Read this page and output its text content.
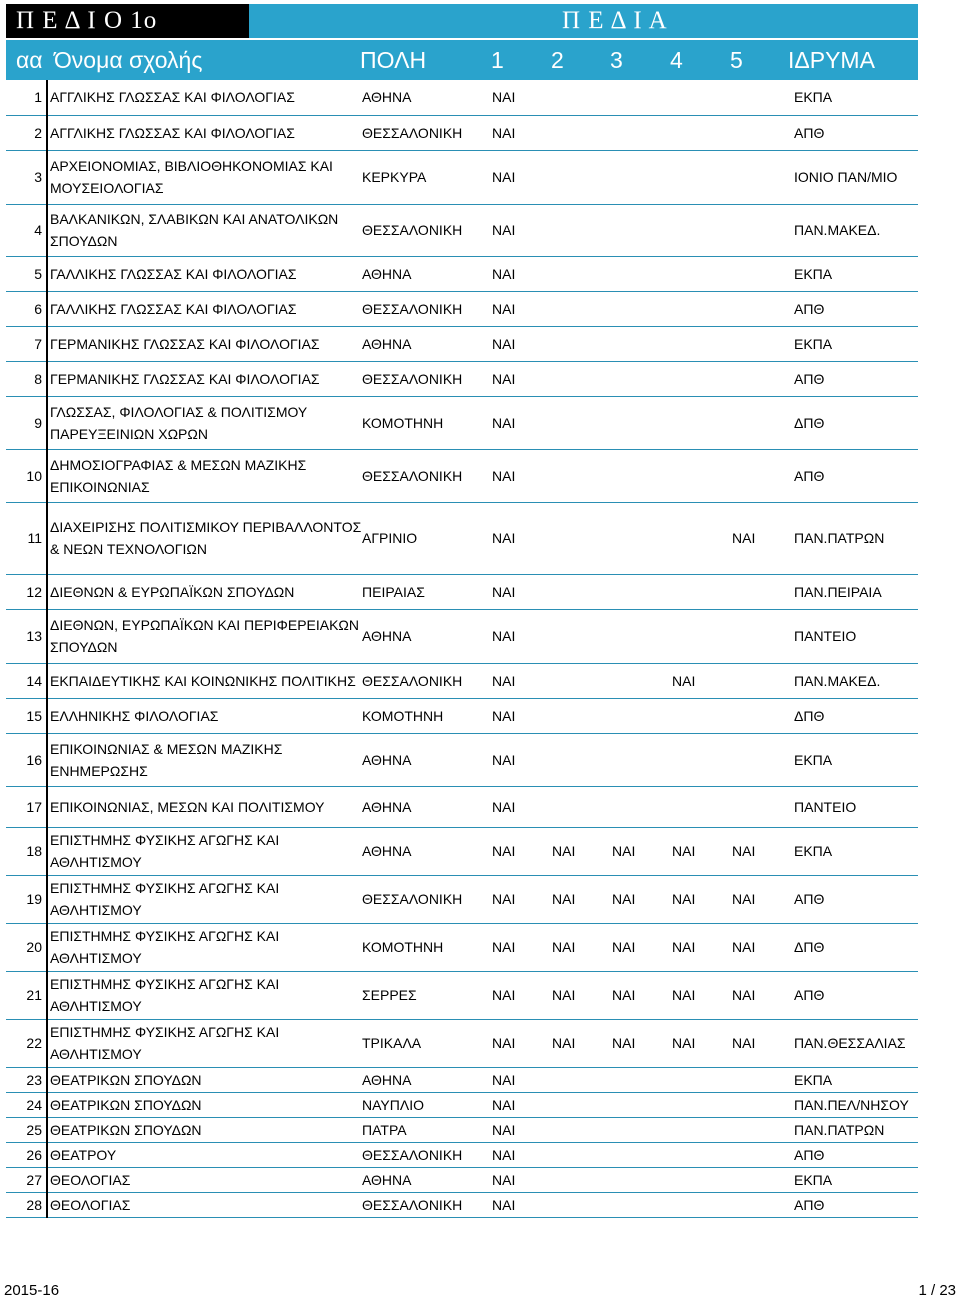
Π Ε Δ Ι Ο 1ο	Π Ε Δ Ι Α
αα Όνομα σχολής	ΠΟΛΗ	1 2 3 4 5 ΙΔΡΥΜΑ
1	ΑΓΓΛΙΚΗΣ ΓΛΩΣΣΑΣ ΚΑΙ ΦΙΛΟΛΟΓΙΑΣ	ΑΘΗΝΑ	ΝΑΙ					ΕΚΠΑ
2	ΑΓΓΛΙΚΗΣ ΓΛΩΣΣΑΣ ΚΑΙ ΦΙΛΟΛΟΓΙΑΣ	ΘΕΣΣΑΛΟΝΙΚΗ	ΝΑΙ					ΑΠΘ
3	ΑΡΧΕΙΟΝΟΜΙΑΣ, ΒΙΒΛΙΟΘΗΚΟΝΟΜΙΑΣ ΚΑΙ ΜΟΥΣΕΙΟΛΟΓΙΑΣ	ΚΕΡΚΥΡΑ	ΝΑΙ					ΙΟΝΙΟ ΠΑΝ/ΜΙΟ
4	ΒΑΛΚΑΝΙΚΩΝ, ΣΛΑΒΙΚΩΝ ΚΑΙ ΑΝΑΤΟΛΙΚΩΝ ΣΠΟΥΔΩΝ	ΘΕΣΣΑΛΟΝΙΚΗ	ΝΑΙ					ΠΑΝ.ΜΑΚΕΔ.
5	ΓΑΛΛΙΚΗΣ ΓΛΩΣΣΑΣ ΚΑΙ ΦΙΛΟΛΟΓΙΑΣ	ΑΘΗΝΑ	ΝΑΙ					ΕΚΠΑ
6	ΓΑΛΛΙΚΗΣ ΓΛΩΣΣΑΣ ΚΑΙ ΦΙΛΟΛΟΓΙΑΣ	ΘΕΣΣΑΛΟΝΙΚΗ	ΝΑΙ					ΑΠΘ
7	ΓΕΡΜΑΝΙΚΗΣ ΓΛΩΣΣΑΣ ΚΑΙ ΦΙΛΟΛΟΓΙΑΣ	ΑΘΗΝΑ	ΝΑΙ					ΕΚΠΑ
8	ΓΕΡΜΑΝΙΚΗΣ ΓΛΩΣΣΑΣ ΚΑΙ ΦΙΛΟΛΟΓΙΑΣ	ΘΕΣΣΑΛΟΝΙΚΗ	ΝΑΙ					ΑΠΘ
9	ΓΛΩΣΣΑΣ, ΦΙΛΟΛΟΓΙΑΣ & ΠΟΛΙΤΙΣΜΟΥ ΠΑΡΕΥΞΕΙΝΙΩΝ ΧΩΡΩΝ	ΚΟΜΟΤΗΝΗ	ΝΑΙ					ΔΠΘ
10	ΔΗΜΟΣΙΟΓΡΑΦΙΑΣ & ΜΕΣΩΝ ΜΑΖΙΚΗΣ ΕΠΙΚΟΙΝΩΝΙΑΣ	ΘΕΣΣΑΛΟΝΙΚΗ	ΝΑΙ					ΑΠΘ
11	ΔΙΑΧΕΙΡΙΣΗΣ ΠΟΛΙΤΙΣΜΙΚΟΥ ΠΕΡΙΒΑΛΛΟΝΤΟΣ & ΝΕΩΝ ΤΕΧΝΟΛΟΓΙΩΝ	ΑΓΡΙΝΙΟ	ΝΑΙ				ΝΑΙ	ΠΑΝ.ΠΑΤΡΩΝ
12	ΔΙΕΘΝΩΝ & ΕΥΡΩΠΑΪΚΩΝ ΣΠΟΥΔΩΝ	ΠΕΙΡΑΙΑΣ	ΝΑΙ					ΠΑΝ.ΠΕΙΡΑΙΑ
13	ΔΙΕΘΝΩΝ, ΕΥΡΩΠΑΪΚΩΝ ΚΑΙ ΠΕΡΙΦΕΡΕΙΑΚΩΝ ΣΠΟΥΔΩΝ	ΑΘΗΝΑ	ΝΑΙ					ΠΑΝΤΕΙΟ
14	ΕΚΠΑΙΔΕΥΤΙΚΗΣ ΚΑΙ ΚΟΙΝΩΝΙΚΗΣ ΠΟΛΙΤΙΚΗΣ	ΘΕΣΣΑΛΟΝΙΚΗ	ΝΑΙ			ΝΑΙ		ΠΑΝ.ΜΑΚΕΔ.
15	ΕΛΛΗΝΙΚΗΣ ΦΙΛΟΛΟΓΙΑΣ	ΚΟΜΟΤΗΝΗ	ΝΑΙ					ΔΠΘ
16	ΕΠΙΚΟΙΝΩΝΙΑΣ & ΜΕΣΩΝ ΜΑΖΙΚΗΣ ΕΝΗΜΕΡΩΣΗΣ	ΑΘΗΝΑ	ΝΑΙ					ΕΚΠΑ
17	ΕΠΙΚΟΙΝΩΝΙΑΣ, ΜΕΣΩΝ ΚΑΙ ΠΟΛΙΤΙΣΜΟΥ	ΑΘΗΝΑ	ΝΑΙ					ΠΑΝΤΕΙΟ
18	ΕΠΙΣΤΗΜΗΣ ΦΥΣΙΚΗΣ ΑΓΩΓΗΣ ΚΑΙ ΑΘΛΗΤΙΣΜΟΥ	ΑΘΗΝΑ	ΝΑΙ	ΝΑΙ	ΝΑΙ	ΝΑΙ	ΝΑΙ	ΕΚΠΑ
19	ΕΠΙΣΤΗΜΗΣ ΦΥΣΙΚΗΣ ΑΓΩΓΗΣ ΚΑΙ ΑΘΛΗΤΙΣΜΟΥ	ΘΕΣΣΑΛΟΝΙΚΗ	ΝΑΙ	ΝΑΙ	ΝΑΙ	ΝΑΙ	ΝΑΙ	ΑΠΘ
20	ΕΠΙΣΤΗΜΗΣ ΦΥΣΙΚΗΣ ΑΓΩΓΗΣ ΚΑΙ ΑΘΛΗΤΙΣΜΟΥ	ΚΟΜΟΤΗΝΗ	ΝΑΙ	ΝΑΙ	ΝΑΙ	ΝΑΙ	ΝΑΙ	ΔΠΘ
21	ΕΠΙΣΤΗΜΗΣ ΦΥΣΙΚΗΣ ΑΓΩΓΗΣ ΚΑΙ ΑΘΛΗΤΙΣΜΟΥ	ΣΕΡΡΕΣ	ΝΑΙ	ΝΑΙ	ΝΑΙ	ΝΑΙ	ΝΑΙ	ΑΠΘ
22	ΕΠΙΣΤΗΜΗΣ ΦΥΣΙΚΗΣ ΑΓΩΓΗΣ ΚΑΙ ΑΘΛΗΤΙΣΜΟΥ	ΤΡΙΚΑΛΑ	ΝΑΙ	ΝΑΙ	ΝΑΙ	ΝΑΙ	ΝΑΙ	ΠΑΝ.ΘΕΣΣΑΛΙΑΣ
23	ΘΕΑΤΡΙΚΩΝ ΣΠΟΥΔΩΝ	ΑΘΗΝΑ	ΝΑΙ					ΕΚΠΑ
24	ΘΕΑΤΡΙΚΩΝ ΣΠΟΥΔΩΝ	ΝΑΥΠΛΙΟ	ΝΑΙ					ΠΑΝ.ΠΕΛ/ΝΗΣΟΥ
25	ΘΕΑΤΡΙΚΩΝ ΣΠΟΥΔΩΝ	ΠΑΤΡΑ	ΝΑΙ					ΠΑΝ.ΠΑΤΡΩΝ
26	ΘΕΑΤΡΟΥ	ΘΕΣΣΑΛΟΝΙΚΗ	ΝΑΙ					ΑΠΘ
27	ΘΕΟΛΟΓΙΑΣ	ΑΘΗΝΑ	ΝΑΙ					ΕΚΠΑ
28	ΘΕΟΛΟΓΙΑΣ	ΘΕΣΣΑΛΟΝΙΚΗ	ΝΑΙ					ΑΠΘ
2015-16	1 / 23
